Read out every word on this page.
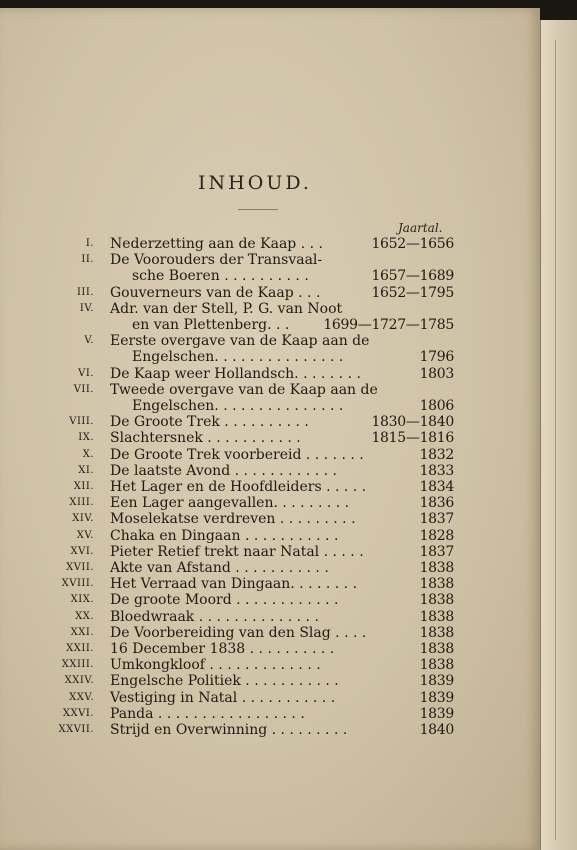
INHOUD.
Jaartal.
I. Nederzetting aan de Kaap . . .	1652—1656
II. De Voorouders der Transvaal-
sche Boeren . . . . . . . . . .	1657—1689
III. Gouverneurs van de Kaap . . .	1652—1795
IV. Adr. van der Stell, P. G. van Noot
en van Plettenberg. . . 1699—1727—1785
V. Eerste overgave van de Kaap aan de
Engelschen. . . . . . . . . . . . . . .	1796
VI. De Kaap weer Hollandsch. . . . . . . .	1803
VII. Tweede overgave van de Kaap aan de
Engelschen. . . . . . . . . . . . . . .	1806
VIII. De Groote Trek . . . . . . . . . .	1830—1840
IX. Slachtersnek . . . . . . . . . . .	1815—1816
X. De Groote Trek voorbereid . . . . . . .	1832
XI. De laatste Avond . . . . . . . . . . . .	1833
XII. Het Lager en de Hoofdleiders . . . . .	1834
XIII. Een Lager aangevallen. . . . . . . . .	1836
XIV. Moselekatse verdreven . . . . . . . . .	1837
XV. Chaka en Dingaan . . . . . . . . . . .	1828
XVI. Pieter Retief trekt naar Natal . . . . .	1837
XVII. Akte van Afstand . . . . . . . . . . .	1838
XVIII. Het Verraad van Dingaan. . . . . . . .	1838
XIX. De groote Moord . . . . . . . . . . . .	1838
XX. Bloedwraak . . . . . . . . . . . . . .	1838
XXI. De Voorbereiding van den Slag . . . .	1838
XXII. 16 December 1838 . . . . . . . . . .	1838
XXIII. Umkongkloof . . . . . . . . . . . . .	1838
XXIV. Engelsche Politiek . . . . . . . . . . .	1839
XXV. Vestiging in Natal . . . . . . . . . . .	1839
XXVI. Panda . . . . . . . . . . . . . . . . .	1839
XXVII. Strijd en Overwinning . . . . . . . . .	1840
